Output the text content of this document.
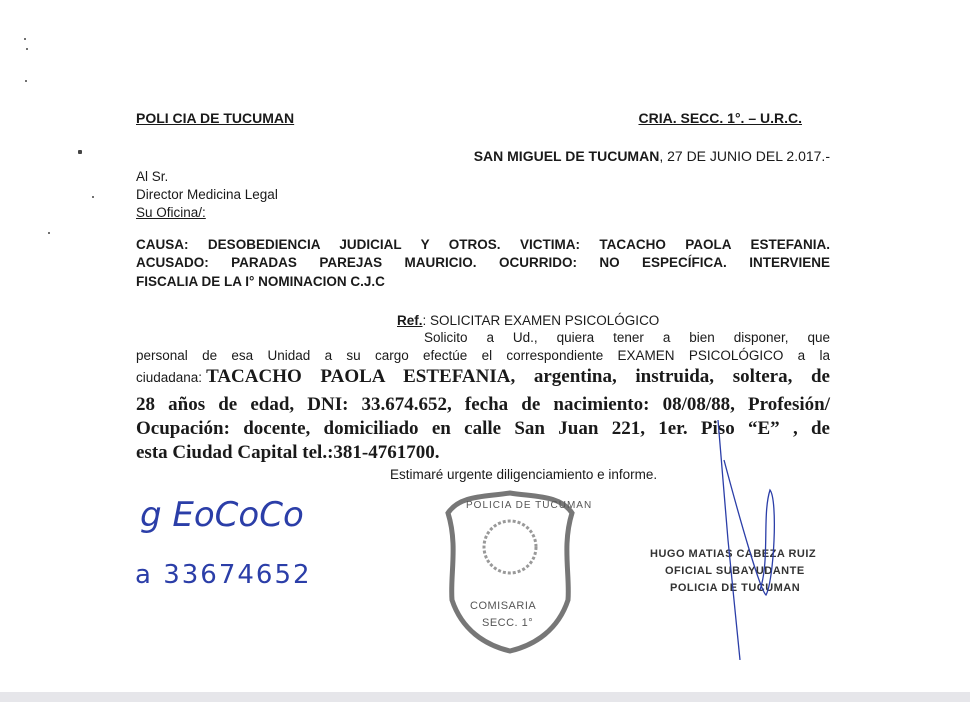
POLI CIA DE TUCUMAN	CRIA. SECC. 1°. – U.R.C.
SAN MIGUEL DE TUCUMAN, 27 DE JUNIO DEL 2.017.-
Al Sr.
Director Medicina Legal
Su Oficina/:
CAUSA: DESOBEDIENCIA JUDICIAL Y OTROS. VICTIMA: TACACHO PAOLA ESTEFANIA.
ACUSADO: PARADAS PAREJAS MAURICIO. OCURRIDO: NO ESPECÍFICA. INTERVIENE
FISCALIA DE LA I° NOMINACION C.J.C
Ref.: SOLICITAR EXAMEN PSICOLÓGICO
Solicito a Ud., quiera tener a bien disponer, que
personal de esa Unidad a su cargo efectúe el correspondiente EXAMEN PSICOLÓGICO a la
ciudadana: TACACHO PAOLA ESTEFANIA, argentina, instruida, soltera, de
28 años de edad, DNI: 33.674.652, fecha de nacimiento: 08/08/88, Profesión/
Ocupación: docente, domiciliado en calle San Juan 221, 1er. Piso “E” , de
esta Ciudad Capital tel.:381-4761700.
Estimaré urgente diligenciamiento e informe.
g EoCoCo
a 33674652
POLICIA DE TUCUMAN
COMISARIA
SECC. 1°
HUGO MATIAS CABEZA RUIZ
OFICIAL SUBAYUDANTE
POLICIA DE TUCUMAN
